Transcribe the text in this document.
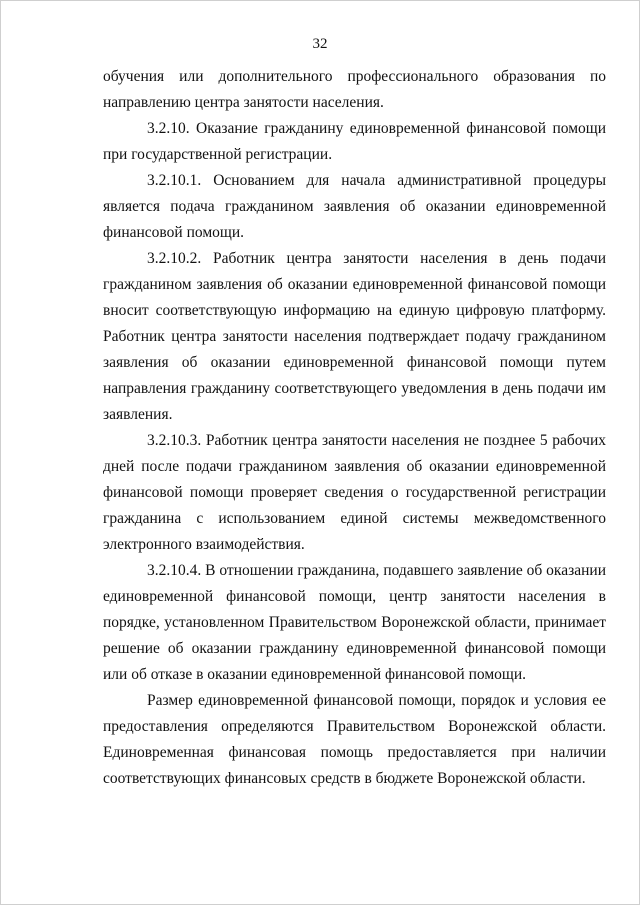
32

обучения или дополнительного профессионального образования по направлению центра занятости населения.

3.2.10. Оказание гражданину единовременной финансовой помощи при государственной регистрации.

3.2.10.1. Основанием для начала административной процедуры является подача гражданином заявления об оказании единовременной финансовой помощи.

3.2.10.2. Работник центра занятости населения в день подачи гражданином заявления об оказании единовременной финансовой помощи вносит соответствующую информацию на единую цифровую платформу. Работник центра занятости населения подтверждает подачу гражданином заявления об оказании единовременной финансовой помощи путем направления гражданину соответствующего уведомления в день подачи им заявления.

3.2.10.3. Работник центра занятости населения не позднее 5 рабочих дней после подачи гражданином заявления об оказании единовременной финансовой помощи проверяет сведения о государственной регистрации гражданина с использованием единой системы межведомственного электронного взаимодействия.

3.2.10.4. В отношении гражданина, подавшего заявление об оказании единовременной финансовой помощи, центр занятости населения в порядке, установленном Правительством Воронежской области, принимает решение об оказании гражданину единовременной финансовой помощи или об отказе в оказании единовременной финансовой помощи.

Размер единовременной финансовой помощи, порядок и условия ее предоставления определяются Правительством Воронежской области. Единовременная финансовая помощь предоставляется при наличии соответствующих финансовых средств в бюджете Воронежской области.
